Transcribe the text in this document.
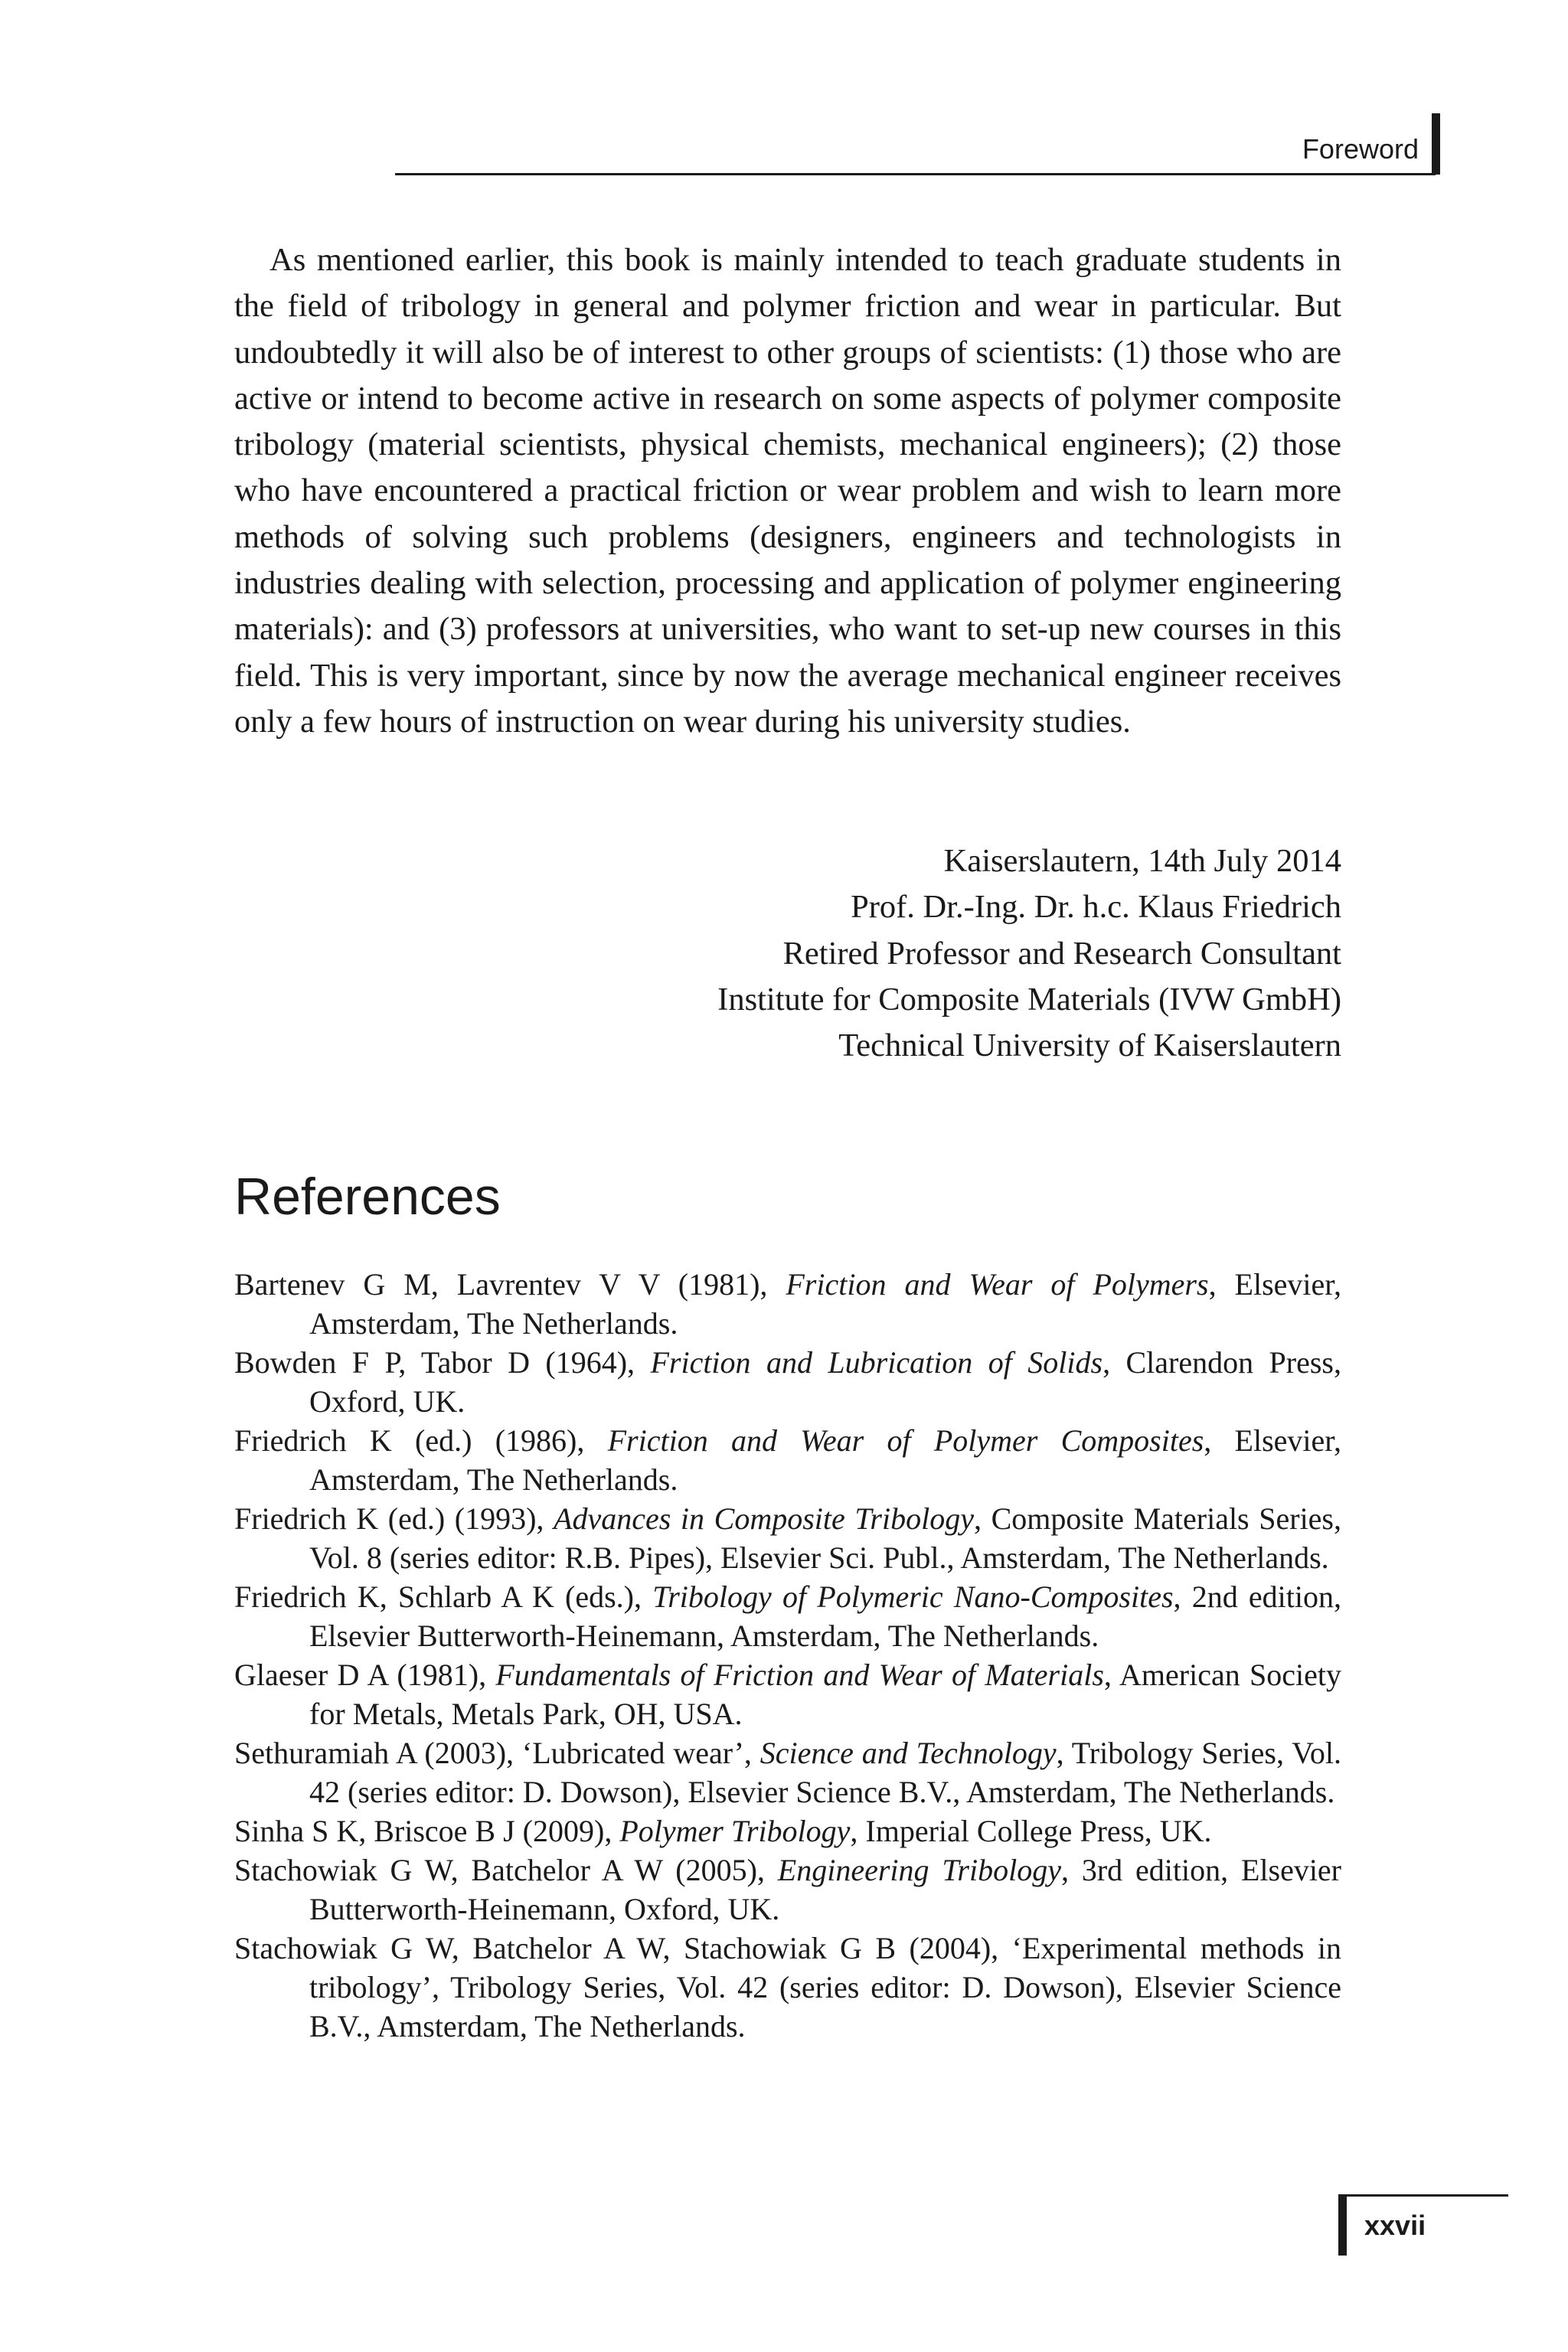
Foreword

As mentioned earlier, this book is mainly intended to teach graduate students in the field of tribology in general and polymer friction and wear in particular. But undoubtedly it will also be of interest to other groups of scientists: (1) those who are active or intend to become active in research on some aspects of polymer composite tribology (material scientists, physical chemists, mechanical engineers); (2) those who have encountered a practical friction or wear problem and wish to learn more methods of solving such problems (designers, engineers and technologists in industries dealing with selection, processing and application of polymer engineering materials): and (3) professors at universities, who want to set-up new courses in this field. This is very important, since by now the average mechanical engineer receives only a few hours of instruction on wear during his university studies.

Kaiserslautern, 14th July 2014
Prof. Dr.-Ing. Dr. h.c. Klaus Friedrich
Retired Professor and Research Consultant
Institute for Composite Materials (IVW GmbH)
Technical University of Kaiserslautern
References
Bartenev G M, Lavrentev V V (1981), Friction and Wear of Polymers, Elsevier, Amsterdam, The Netherlands.
Bowden F P, Tabor D (1964), Friction and Lubrication of Solids, Clarendon Press, Oxford, UK.
Friedrich K (ed.) (1986), Friction and Wear of Polymer Composites, Elsevier, Amsterdam, The Netherlands.
Friedrich K (ed.) (1993), Advances in Composite Tribology, Composite Materials Series, Vol. 8 (series editor: R.B. Pipes), Elsevier Sci. Publ., Amsterdam, The Netherlands.
Friedrich K, Schlarb A K (eds.), Tribology of Polymeric Nano-Composites, 2nd edition, Elsevier Butterworth-Heinemann, Amsterdam, The Netherlands.
Glaeser D A (1981), Fundamentals of Friction and Wear of Materials, American Society for Metals, Metals Park, OH, USA.
Sethuramiah A (2003), ‘Lubricated wear’, Science and Technology, Tribology Series, Vol. 42 (series editor: D. Dowson), Elsevier Science B.V., Amsterdam, The Netherlands.
Sinha S K, Briscoe B J (2009), Polymer Tribology, Imperial College Press, UK.
Stachowiak G W, Batchelor A W (2005), Engineering Tribology, 3rd edition, Elsevier Butterworth-Heinemann, Oxford, UK.
Stachowiak G W, Batchelor A W, Stachowiak G B (2004), ‘Experimental methods in tribology’, Tribology Series, Vol. 42 (series editor: D. Dowson), Elsevier Science B.V., Amsterdam, The Netherlands.
xxvii
